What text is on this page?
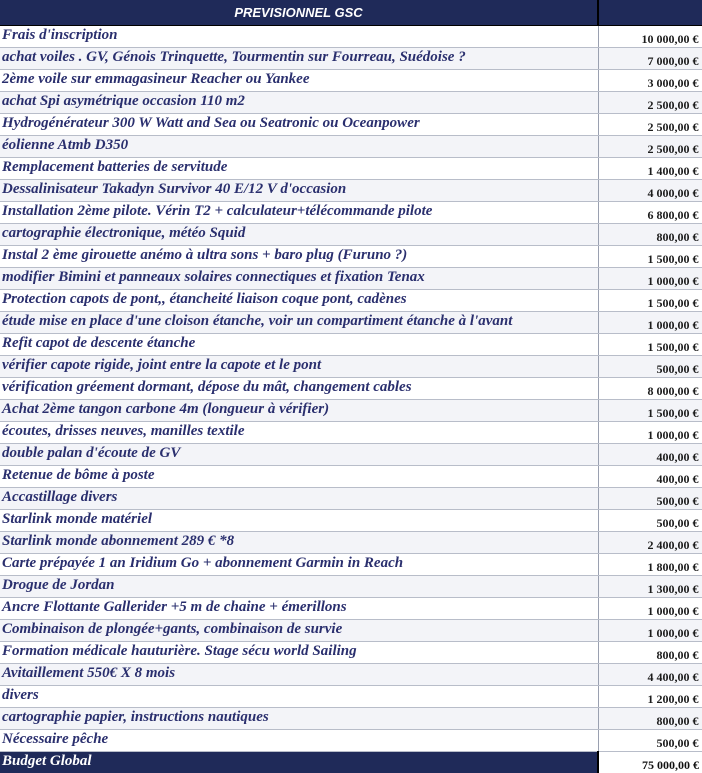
PREVISIONNEL GSC	
Frais d'inscription	10 000,00 €
achat voiles . GV, Génois Trinquette, Tourmentin sur Fourreau, Suédoise ?	7 000,00 €
2ème voile sur emmagasineur Reacher ou Yankee	3 000,00 €
achat Spi asymétrique occasion 110 m2	2 500,00 €
Hydrogénérateur 300 W Watt and Sea ou Seatronic ou Oceanpower	2 500,00 €
éolienne Atmb D350	2 500,00 €
Remplacement batteries de servitude	1 400,00 €
Dessalinisateur Takadyn Survivor 40 E/12 V d'occasion	4 000,00 €
Installation 2ème pilote. Vérin T2 + calculateur+télécommande pilote	6 800,00 €
cartographie électronique, météo Squid	800,00 €
Instal 2 ème girouette anémo à ultra sons + baro plug (Furuno ?)	1 500,00 €
modifier Bimini et panneaux solaires connectiques et fixation Tenax	1 000,00 €
Protection capots de pont,, étancheité liaison coque pont, cadènes	1 500,00 €
étude mise en place d'une cloison étanche, voir un compartiment étanche à l'avant	1 000,00 €
Refit capot de descente étanche	1 500,00 €
vérifier capote rigide, joint entre la capote et le pont	500,00 €
vérification gréement dormant, dépose du mât, changement cables	8 000,00 €
Achat 2ème tangon carbone 4m (longueur à vérifier)	1 500,00 €
écoutes, drisses neuves, manilles textile	1 000,00 €
double palan d'écoute de GV	400,00 €
Retenue de bôme à poste	400,00 €
Accastillage divers	500,00 €
Starlink monde matériel	500,00 €
Starlink monde abonnement 289 € *8	2 400,00 €
Carte prépayée 1 an Iridium Go + abonnement Garmin in Reach	1 800,00 €
Drogue de Jordan	1 300,00 €
Ancre Flottante Gallerider +5 m de chaine + émerillons	1 000,00 €
Combinaison de plongée+gants, combinaison de survie	1 000,00 €
Formation médicale hauturière. Stage sécu world Sailing	800,00 €
Avitaillement 550€ X 8 mois	4 400,00 €
divers	1 200,00 €
cartographie papier, instructions nautiques	800,00 €
Nécessaire pêche	500,00 €
Budget Global	75 000,00 €
